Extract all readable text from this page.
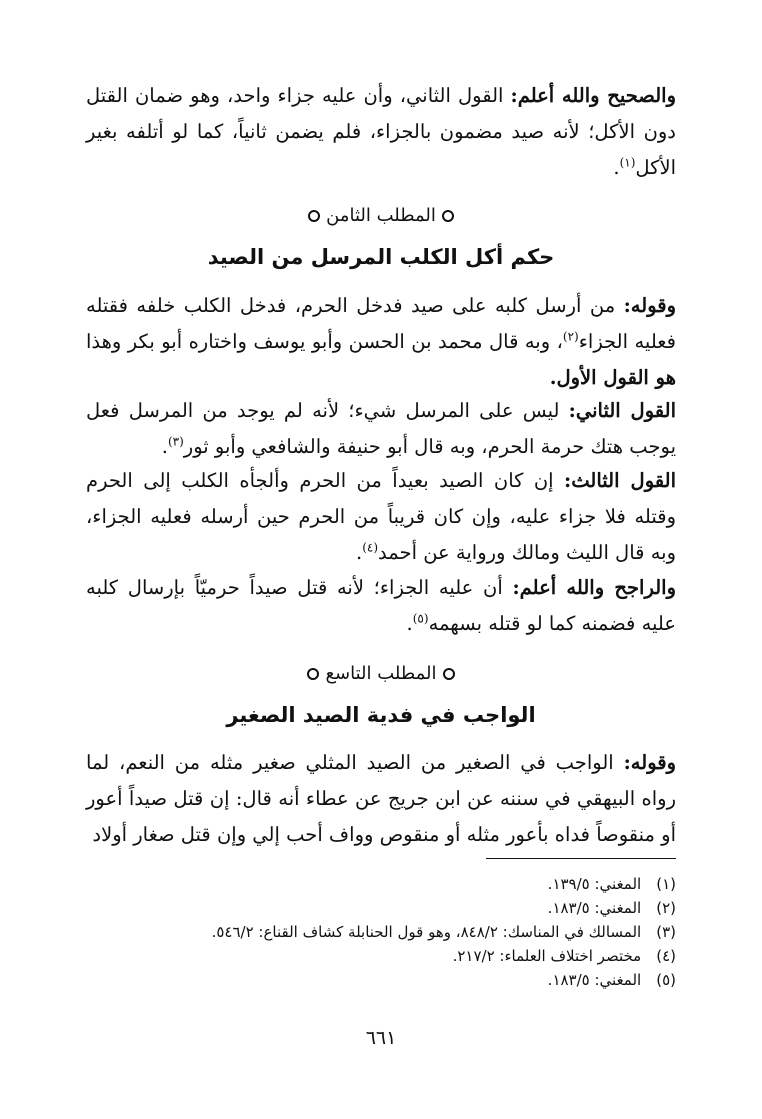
والصحيح والله أعلم: القول الثاني، وأن عليه جزاء واحد، وهو ضمان القتل دون الأكل؛ لأنه صيد مضمون بالجزاء، فلم يضمن ثانياً، كما لو أتلفه بغير الأكل$^{(١)}$.
المطلب الثامن
حكم أكل الكلب المرسل من الصيد
وقوله: من أرسل كلبه على صيد فدخل الحرم، فدخل الكلب خلفه فقتله فعليه الجزاء$^{(٢)}$، وبه قال محمد بن الحسن وأبو يوسف واختاره أبو بكر وهذا هو القول الأول.
القول الثاني: ليس على المرسل شيء؛ لأنه لم يوجد من المرسل فعل يوجب هتك حرمة الحرم، وبه قال أبو حنيفة والشافعي وأبو ثور$^{(٣)}$.
القول الثالث: إن كان الصيد بعيداً من الحرم وألجأه الكلب إلى الحرم وقتله فلا جزاء عليه، وإن كان قريباً من الحرم حين أرسله فعليه الجزاء، وبه قال الليث ومالك ورواية عن أحمد$^{(٤)}$.
والراجح والله أعلم: أن عليه الجزاء؛ لأنه قتل صيداً حرميّاً بإرسال كلبه عليه فضمنه كما لو قتله بسهمه$^{(٥)}$.
المطلب التاسع
الواجب في فدية الصيد الصغير
وقوله: الواجب في الصغير من الصيد المثلي صغير مثله من النعم، لما رواه البيهقي في سننه عن ابن جريج عن عطاء أنه قال: إن قتل صيداً أعور أو منقوصاً فداه بأعور مثله أو منقوص وواف أحب إلي وإن قتل صغار أولاد
(١) المغني: ١٣٩/٥.
(٢) المغني: ١٨٣/٥.
(٣) المسالك في المناسك: ٨٤٨/٢، وهو قول الحنابلة كشاف القناع: ٥٤٦/٢.
(٤) مختصر اختلاف العلماء: ٢١٧/٢.
(٥) المغني: ١٨٣/٥.
٦٦١
